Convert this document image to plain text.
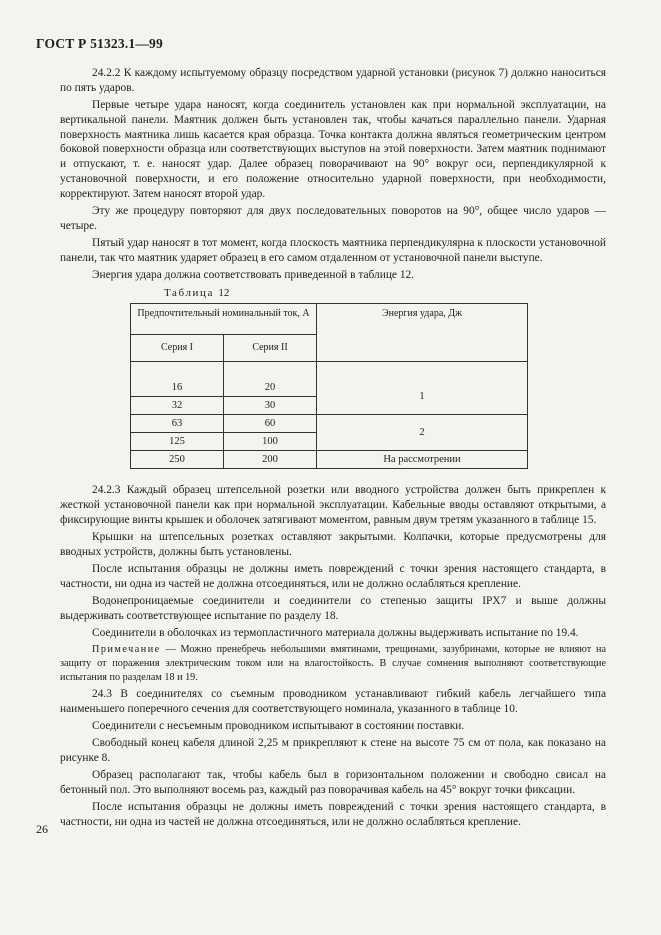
ГОСТ Р 51323.1—99

24.2.2 К каждому испытуемому образцу посредством ударной установки (рисунок 7) должно наноситься по пять ударов.

Первые четыре удара наносят, когда соединитель установлен как при нормальной эксплуатации, на вертикальной панели. Маятник должен быть установлен так, чтобы качаться параллельно панели. Ударная поверхность маятника лишь касается края образца. Точка контакта должна являться геометрическим центром боковой поверхности образца или соответствующих выступов на этой поверхности. Затем маятник поднимают и отпускают, т. е. наносят удар. Далее образец поворачивают на 90° вокруг оси, перпендикулярной к установочной поверхности, и его положение относительно ударной поверхности, при необходимости, корректируют. Затем наносят второй удар.

Эту же процедуру повторяют для двух последовательных поворотов на 90°, общее число ударов — четыре.

Пятый удар наносят в тот момент, когда плоскость маятника перпендикулярна к плоскости установочной панели, так что маятник ударяет образец в его самом отдаленном от установочной панели выступе.

Энергия удара должна соответствовать приведенной в таблице 12.

Таблица 12

Предпочтительный номинальный ток, А		Энергия удара, Дж
Серия I	Серия II	

16	20	1
32	30	
63	60	2
125	100	
250	200	На рассмотрении

24.2.3 Каждый образец штепсельной розетки или вводного устройства должен быть прикреплен к жесткой установочной панели как при нормальной эксплуатации. Кабельные вводы оставляют открытыми, а фиксирующие винты крышек и оболочек затягивают моментом, равным двум третям указанного в таблице 15.

Крышки на штепсельных розетках оставляют закрытыми. Колпачки, которые предусмотрены для вводных устройств, должны быть установлены.

После испытания образцы не должны иметь повреждений с точки зрения настоящего стандарта, в частности, ни одна из частей не должна отсоединяться, или не должно ослабляться крепление.

Водонепроницаемые соединители и соединители со степенью защиты IPX7 и выше должны выдерживать соответствующее испытание по разделу 18.

Соединители в оболочках из термопластичного материала должны выдерживать испытание по 19.4.

Примечание — Можно пренебречь небольшими вмятинами, трещинами, зазубринами, которые не влияют на защиту от поражения электрическим током или на влагостойкость. В случае сомнения выполняют соответствующие испытания по разделам 18 и 19.

24.3 В соединителях со съемным проводником устанавливают гибкий кабель легчайшего типа наименьшего поперечного сечения для соответствующего номинала, указанного в таблице 10.

Соединители с несъемным проводником испытывают в состоянии поставки.

Свободный конец кабеля длиной 2,25 м прикрепляют к стене на высоте 75 см от пола, как показано на рисунке 8.

Образец располагают так, чтобы кабель был в горизонтальном положении и свободно свисал на бетонный пол. Это выполняют восемь раз, каждый раз поворачивая кабель на 45° вокруг точки фиксации.

После испытания образцы не должны иметь повреждений с точки зрения настоящего стандарта, в частности, ни одна из частей не должна отсоединяться, или не должно ослабляться крепление.

26
